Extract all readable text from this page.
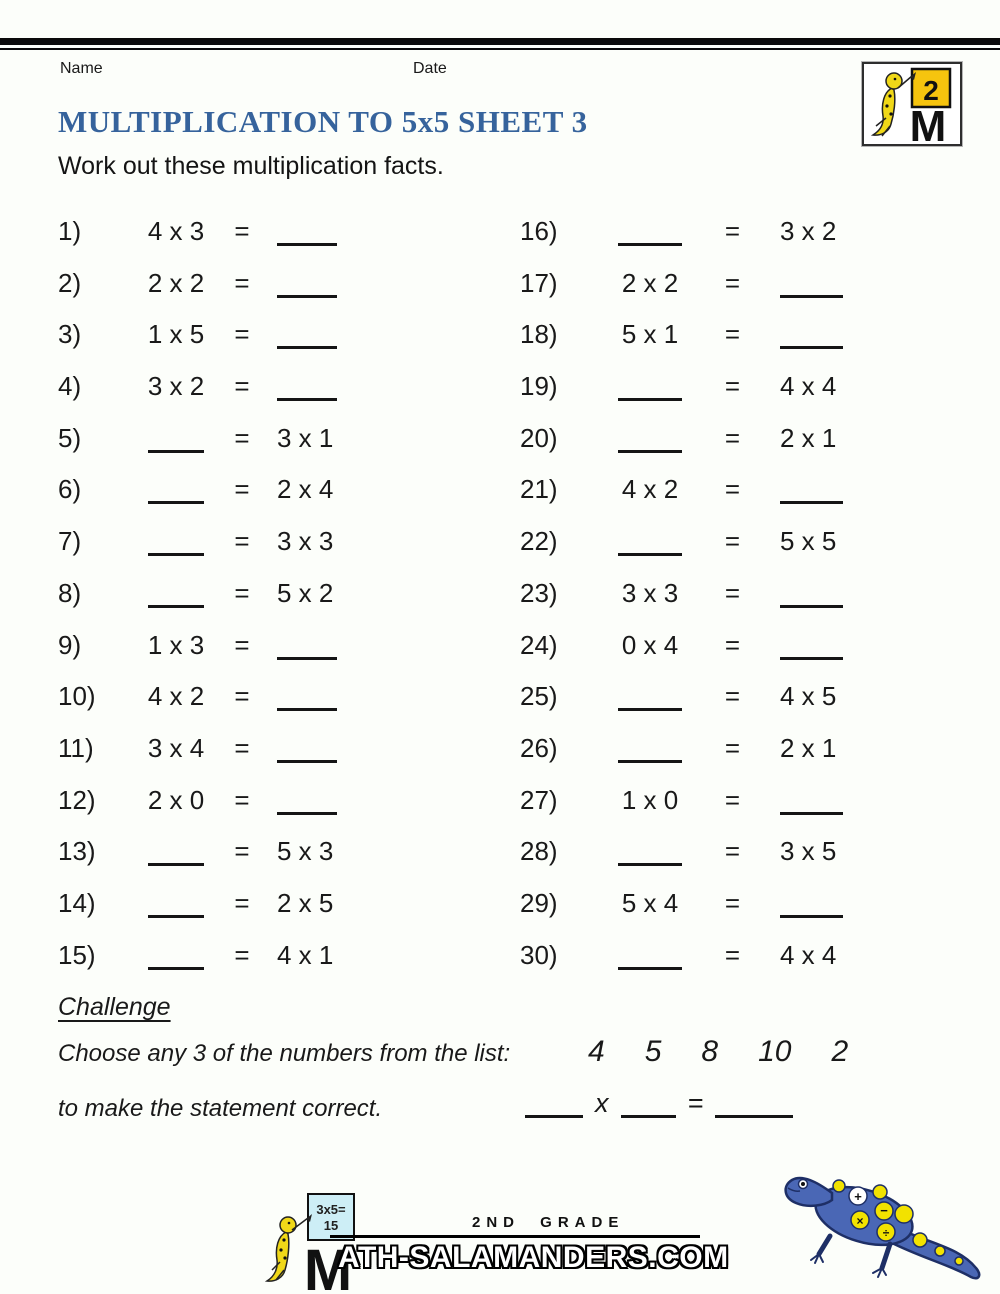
Name	Date
2
M
MULTIPLICATION TO 5x5 SHEET 3
Work out these multiplication facts.
1)	4 x 3	=
2)	2 x 2	=
3)	1 x 5	=
4)	3 x 2	=
5)	=	3 x 1
6)	=	2 x 4
7)	=	3 x 3
8)	=	5 x 2
9)	1 x 3	=
10)	4 x 2	=
11)	3 x 4	=
12)	2 x 0	=
13)	=	5 x 3
14)	=	2 x 5
15)	=	4 x 1
16)	=	3 x 2
17)	2 x 2	=
18)	5 x 1	=
19)	=	4 x 4
20)	=	2 x 1
21)	4 x 2	=
22)	=	5 x 5
23)	3 x 3	=
24)	0 x 4	=
25)	=	4 x 5
26)	=	2 x 1
27)	1 x 0	=
28)	=	3 x 5
29)	5 x 4	=
30)	=	4 x 4
Challenge
Choose any 3 of the numbers from the list:	4 5 8 10 2
to make the statement correct.	x	=
3x5=
15
M
2ND GRADE
ATH-SALAMANDERS.COM
+
−
×
÷
